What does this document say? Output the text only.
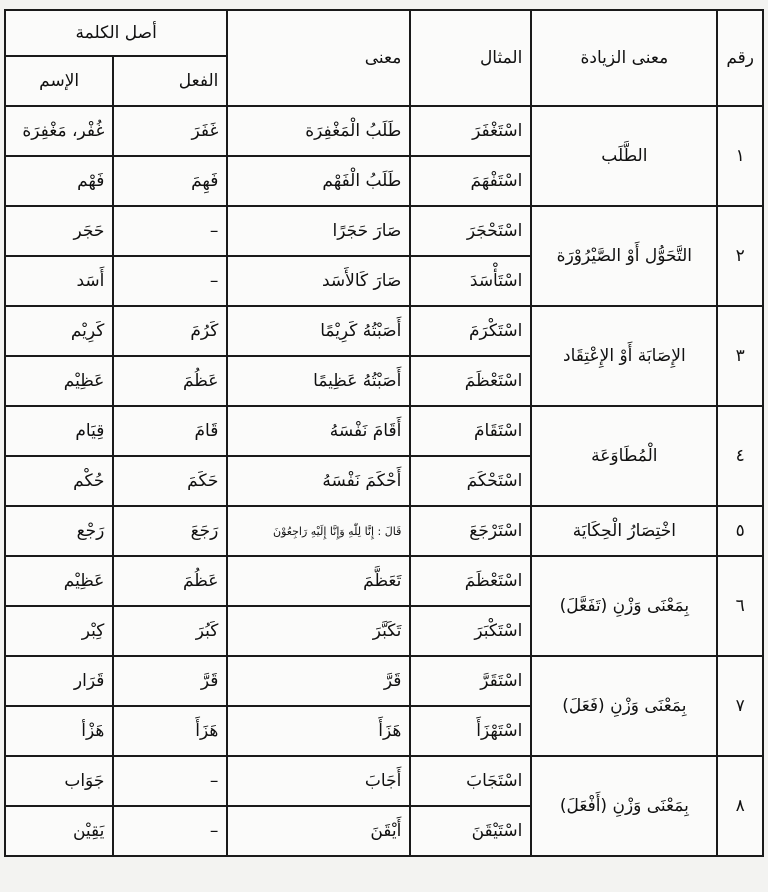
رقم	معنى الزيادة	المثال	معنى	أصل الكلمة	
				الفعل	الإسم
١	الطَّلَب	اسْتَغْفَرَ	طَلَبُ الْمَغْفِرَة	غَفَرَ	غُفْر، مَغْفِرَة
		اسْتَفْهَمَ	طَلَبُ الْفَهْم	فَهِمَ	فَهْم
٢	التَّحَوُّل أَوْ الصَّيْرُوْرَة	اسْتَحْجَرَ	صَارَ حَجَرًا	–	حَجَر
		اسْتَأْسَدَ	صَارَ كَالأَسَد	–	أَسَد
٣	الإِصَابَة أَوْ الإِعْتِقَاد	اسْتَكْرَمَ	أَصَبْتُهُ كَرِيْمًا	كَرُمَ	كَرِيْم
		اسْتَعْظَمَ	أَصَبْتُهُ عَظِيمًا	عَظُمَ	عَظِيْم
٤	الْمُطَاوَعَة	اسْتَقَامَ	أَقَامَ نَفْسَهُ	قَامَ	قِيَام
		اسْتَحْكَمَ	أَحْكَمَ نَفْسَهُ	حَكَمَ	حُكْم
٥	اخْتِصَارُ الْحِكَايَة	اسْتَرْجَعَ	قَالَ : إِنَّا لِلّٰهِ وَإِنَّا إِلَيْهِ رَاجِعُوْنَ	رَجَعَ	رَجْع
٦	بِمَعْنَى وَزْنِ (تَفَعَّلَ)	اسْتَعْظَمَ	تَعَظَّمَ	عَظُمَ	عَظِيْم
		اسْتَكْبَرَ	تَكَبَّرَ	كَبُرَ	كِبْر
٧	بِمَعْنَى وَزْنِ (فَعَلَ)	اسْتَقَرَّ	قَرَّ	قَرَّ	قَرَار
		اسْتَهْزَأَ	هَزَأَ	هَزَأَ	هَزْأ
٨	بِمَعْنَى وَزْنِ (أَفْعَلَ)	اسْتَجَابَ	أَجَابَ	–	جَوَاب
		اسْتَيْقَنَ	أَيْقَنَ	–	يَقِيْن
